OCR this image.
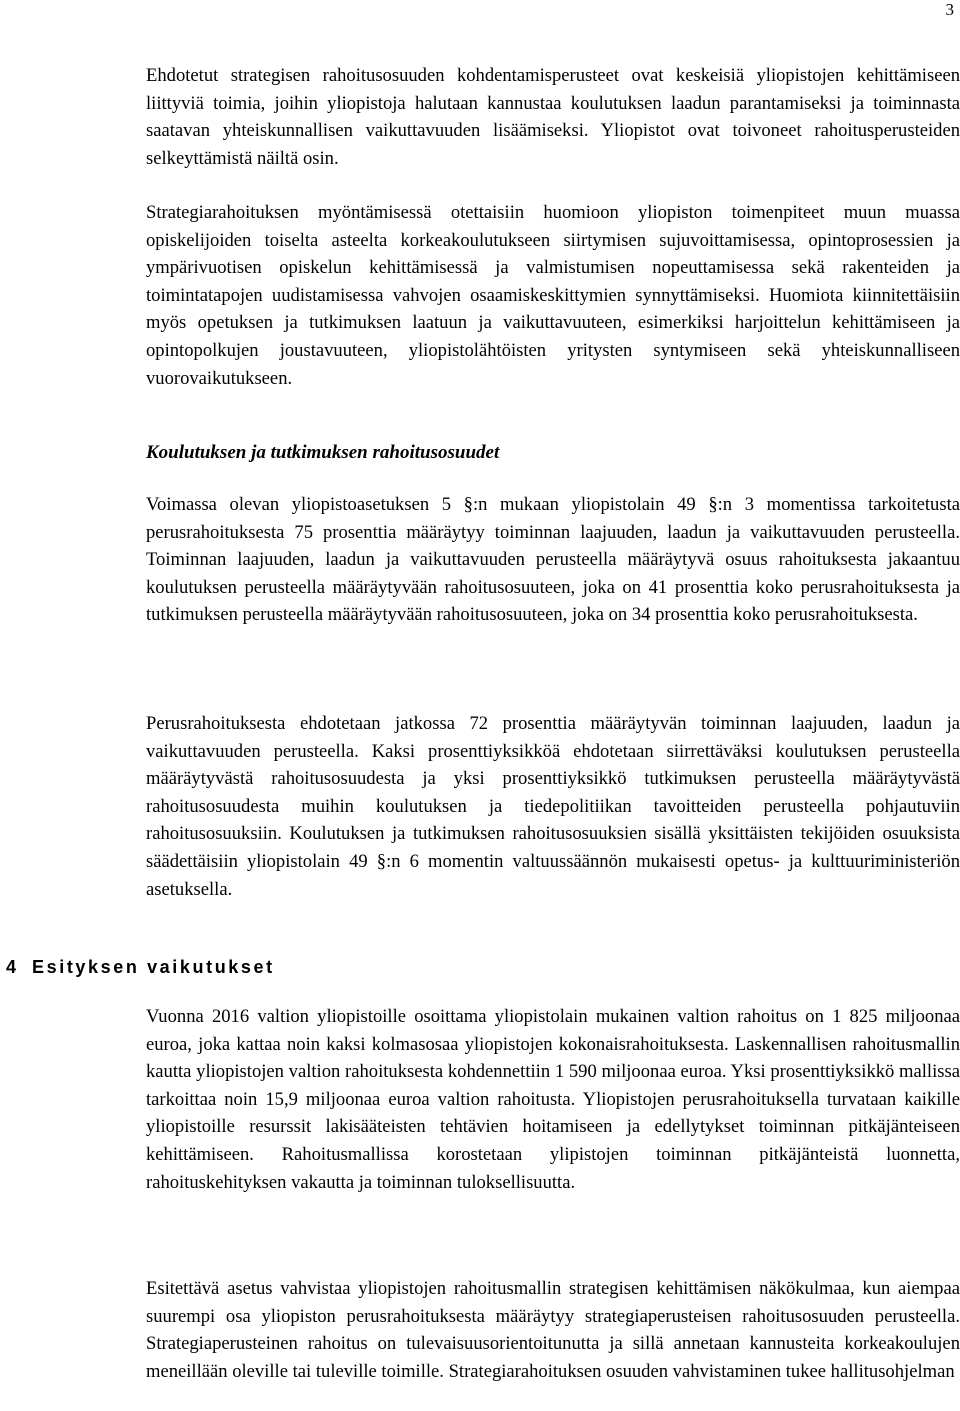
3

Ehdotetut strategisen rahoitusosuuden kohdentamisperusteet ovat keskeisiä yliopistojen kehittämiseen liittyviä toimia, joihin yliopistoja halutaan kannustaa koulutuksen laadun parantamiseksi ja toiminnasta saatavan yhteiskunnallisen vaikuttavuuden lisäämiseksi. Yliopistot ovat toivoneet rahoitusperusteiden selkeyttämistä näiltä osin.

Strategiarahoituksen myöntämisessä otettaisiin huomioon yliopiston toimenpiteet muun muassa opiskelijoiden toiselta asteelta korkeakoulutukseen siirtymisen sujuvoittamisessa, opintoprosessien ja ympärivuotisen opiskelun kehittämisessä ja valmistumisen nopeuttamisessa sekä rakenteiden ja toimintatapojen uudistamisessa vahvojen osaamiskeskittymien synnyttämiseksi. Huomiota kiinnitettäisiin myös opetuksen ja tutkimuksen laatuun ja vaikuttavuuteen, esimerkiksi harjoittelun kehittämiseen ja opintopolkujen joustavuuteen, yliopistolähtöisten yritysten syntymiseen sekä yhteiskunnalliseen vuorovaikutukseen.

Koulutuksen ja tutkimuksen rahoitusosuudet

Voimassa olevan yliopistoasetuksen 5 §:n mukaan yliopistolain 49 §:n 3 momentissa tarkoitetusta perusrahoituksesta 75 prosenttia määräytyy toiminnan laajuuden, laadun ja vaikuttavuuden perusteella. Toiminnan laajuuden, laadun ja vaikuttavuuden perusteella määräytyvä osuus rahoituksesta jakaantuu koulutuksen perusteella määräytyvään rahoitusosuuteen, joka on 41 prosenttia koko perusrahoituksesta ja tutkimuksen perusteella määräytyvään rahoitusosuuteen, joka on 34 prosenttia koko perusrahoituksesta.

Perusrahoituksesta ehdotetaan jatkossa 72 prosenttia määräytyvän toiminnan laajuuden, laadun ja vaikuttavuuden perusteella. Kaksi prosenttiyksikköä ehdotetaan siirrettäväksi koulutuksen perusteella määräytyvästä rahoitusosuudesta ja yksi prosenttiyksikkö tutkimuksen perusteella määräytyvästä rahoitusosuudesta muihin koulutuksen ja tiedepolitiikan tavoitteiden perusteella pohjautuviin rahoitusosuuksiin. Koulutuksen ja tutkimuksen rahoitusosuuksien sisällä yksittäisten tekijöiden osuuksista säädettäisiin yliopistolain 49 §:n 6 momentin valtuussäännön mukaisesti opetus- ja kulttuuriministeriön asetuksella.

4 Esityksen vaikutukset

Vuonna 2016 valtion yliopistoille osoittama yliopistolain mukainen valtion rahoitus on 1 825 miljoonaa euroa, joka kattaa noin kaksi kolmasosaa yliopistojen kokonaisrahoituksesta. Laskennallisen rahoitusmallin kautta yliopistojen valtion rahoituksesta kohdennettiin 1 590 miljoonaa euroa. Yksi prosenttiyksikkö mallissa tarkoittaa noin 15,9 miljoonaa euroa valtion rahoitusta. Yliopistojen perusrahoituksella turvataan kaikille yliopistoille resurssit lakisääteisten tehtävien hoitamiseen ja edellytykset toiminnan pitkäjänteiseen kehittämiseen. Rahoitusmallissa korostetaan ylipistojen toiminnan pitkäjänteistä luonnetta, rahoituskehityksen vakautta ja toiminnan tuloksellisuutta.

Esitettävä asetus vahvistaa yliopistojen rahoitusmallin strategisen kehittämisen näkökulmaa, kun aiempaa suurempi osa yliopiston perusrahoituksesta määräytyy strategiaperusteisen rahoitusosuuden perusteella. Strategiaperusteinen rahoitus on tulevaisuusorientoitunutta ja sillä annetaan kannusteita korkeakoulujen meneillään oleville tai tuleville toimille. Strategiarahoituksen osuuden vahvistaminen tukee hallitusohjelman
